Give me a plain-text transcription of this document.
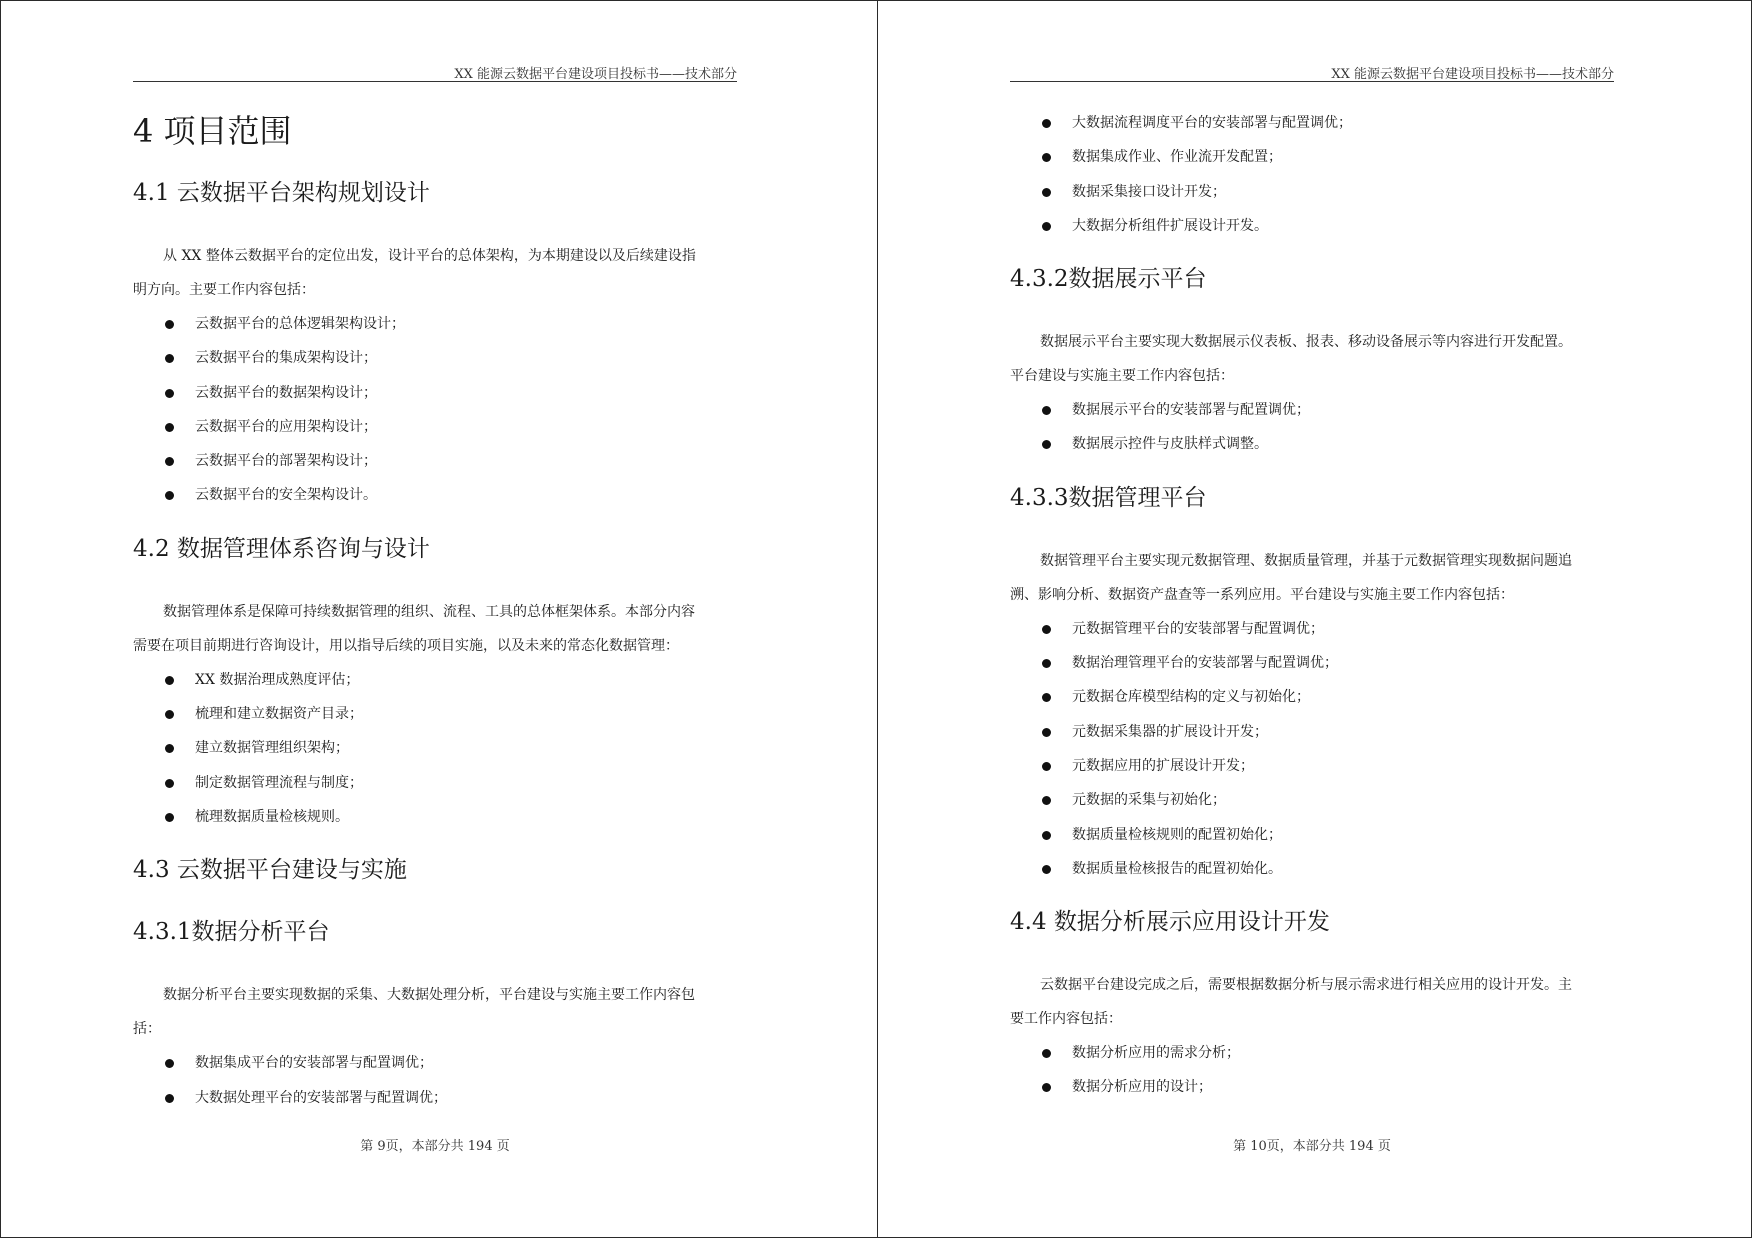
XX 能源云数据平台建设项目投标书——技术部分
4 项目范围
4.1 云数据平台架构规划设计

从 XX 整体云数据平台的定位出发，设计平台的总体架构，为本期建设以及后续建设指

明方向。主要工作内容包括：

云数据平台的总体逻辑架构设计；
云数据平台的集成架构设计；
云数据平台的数据架构设计；
云数据平台的应用架构设计；
云数据平台的部署架构设计；
云数据平台的安全架构设计。
4.2 数据管理体系咨询与设计

数据管理体系是保障可持续数据管理的组织、流程、工具的总体框架体系。本部分内容

需要在项目前期进行咨询设计，用以指导后续的项目实施，以及未来的常态化数据管理：

XX 数据治理成熟度评估；
梳理和建立数据资产目录；
建立数据管理组织架构；
制定数据管理流程与制度；
梳理数据质量检核规则。
4.3 云数据平台建设与实施
4.3.1数据分析平台

数据分析平台主要实现数据的采集、大数据处理分析，平台建设与实施主要工作内容包

括：

数据集成平台的安装部署与配置调优；
大数据处理平台的安装部署与配置调优；
第 9页，本部分共 194 页
XX 能源云数据平台建设项目投标书——技术部分
大数据流程调度平台的安装部署与配置调优；
数据集成作业、作业流开发配置；
数据采集接口设计开发；
大数据分析组件扩展设计开发。
4.3.2数据展示平台

数据展示平台主要实现大数据展示仪表板、报表、移动设备展示等内容进行开发配置。

平台建设与实施主要工作内容包括：

数据展示平台的安装部署与配置调优；
数据展示控件与皮肤样式调整。
4.3.3数据管理平台

数据管理平台主要实现元数据管理、数据质量管理，并基于元数据管理实现数据问题追

溯、影响分析、数据资产盘查等一系列应用。平台建设与实施主要工作内容包括：

元数据管理平台的安装部署与配置调优；
数据治理管理平台的安装部署与配置调优；
元数据仓库模型结构的定义与初始化；
元数据采集器的扩展设计开发；
元数据应用的扩展设计开发；
元数据的采集与初始化；
数据质量检核规则的配置初始化；
数据质量检核报告的配置初始化。
4.4 数据分析展示应用设计开发

云数据平台建设完成之后，需要根据数据分析与展示需求进行相关应用的设计开发。主

要工作内容包括：

数据分析应用的需求分析；
数据分析应用的设计；
第 10页，本部分共 194 页
